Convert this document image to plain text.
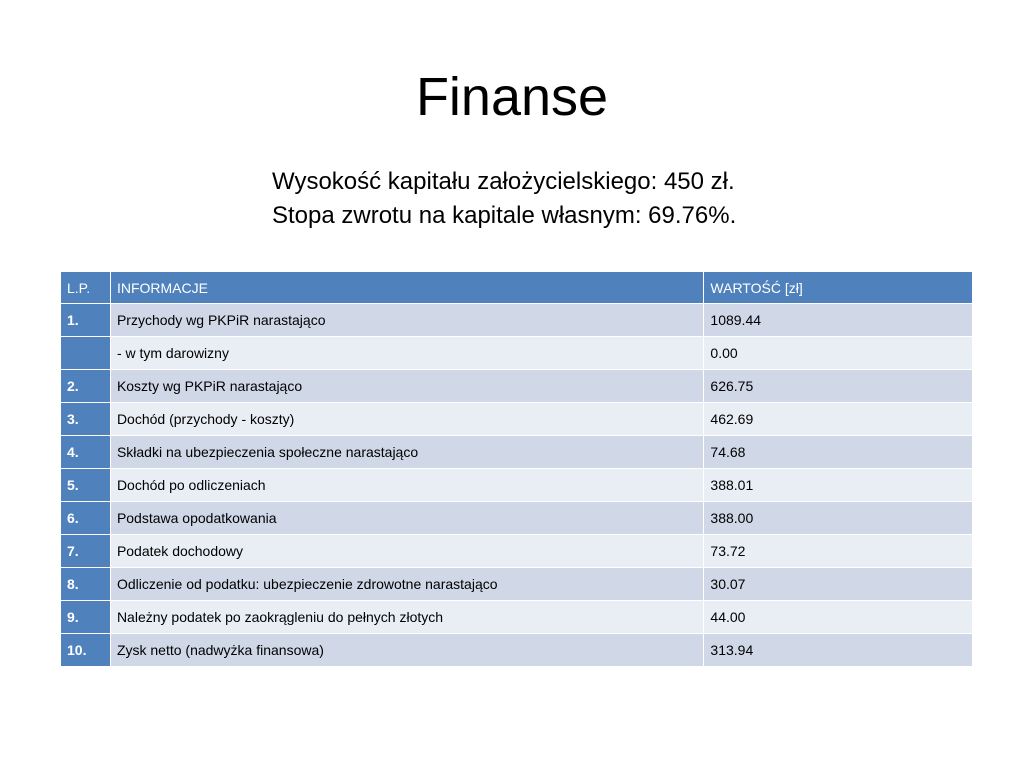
Finanse
Wysokość kapitału założycielskiego: 450 zł.
Stopa zwrotu na kapitale własnym: 69.76%.
L.P.	INFORMACJE	WARTOŚĆ [zł]
1.	Przychody wg PKPiR narastająco	1089.44
	- w tym darowizny	0.00
2.	Koszty wg PKPiR narastająco	626.75
3.	Dochód (przychody - koszty)	462.69
4.	Składki na ubezpieczenia społeczne narastająco	74.68
5.	Dochód po odliczeniach	388.01
6.	Podstawa opodatkowania	388.00
7.	Podatek dochodowy	73.72
8.	Odliczenie od podatku: ubezpieczenie zdrowotne narastająco	30.07
9.	Należny podatek po zaokrągleniu do pełnych złotych	44.00
10.	Zysk netto (nadwyżka finansowa)	313.94
